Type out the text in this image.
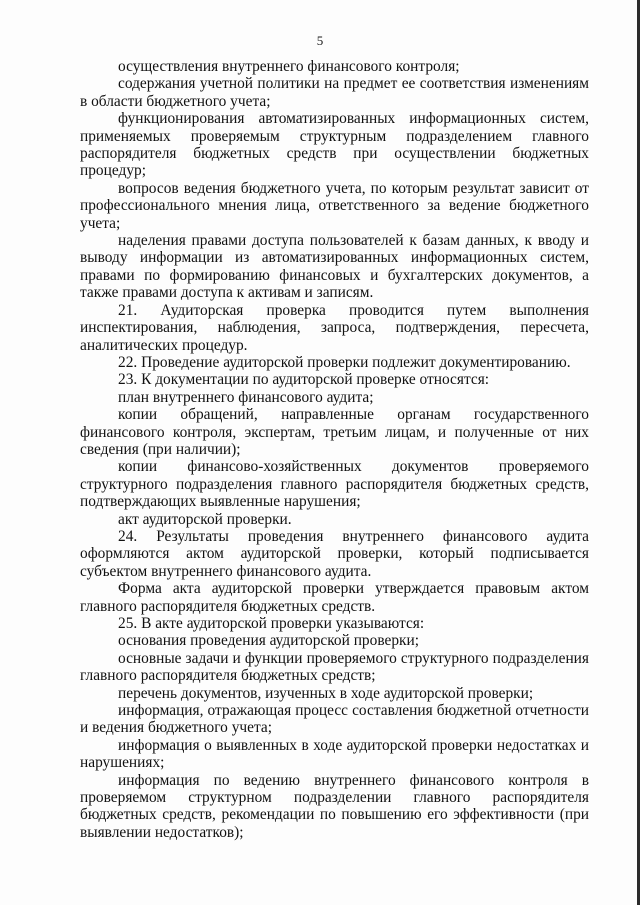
5

осуществления внутреннего финансового контроля;

содержания учетной политики на предмет ее соответствия изменениям в области бюджетного учета;

функционирования автоматизированных информационных систем, применяемых проверяемым структурным подразделением главного распорядителя бюджетных средств при осуществлении бюджетных процедур;

вопросов ведения бюджетного учета, по которым результат зависит от профессионального мнения лица, ответственного за ведение бюджетного учета;

наделения правами доступа пользователей к базам данных, к вводу и выводу информации из автоматизированных информационных систем, правами по формированию финансовых и бухгалтерских документов, а также правами доступа к активам и записям.

21. Аудиторская проверка проводится путем выполнения инспектирования, наблюдения, запроса, подтверждения, пересчета, аналитических процедур.

22. Проведение аудиторской проверки подлежит документированию.

23. К документации по аудиторской проверке относятся:

план внутреннего финансового аудита;

копии обращений, направленные органам государственного финансового контроля, экспертам, третьим лицам, и полученные от них сведения (при наличии);

копии финансово-хозяйственных документов проверяемого структурного подразделения главного распорядителя бюджетных средств, подтверждающих выявленные нарушения;

акт аудиторской проверки.

24. Результаты проведения внутреннего финансового аудита оформляются актом аудиторской проверки, который подписывается субъектом внутреннего финансового аудита.

Форма акта аудиторской проверки утверждается правовым актом главного распорядителя бюджетных средств.

25. В акте аудиторской проверки указываются:

основания проведения аудиторской проверки;

основные задачи и функции проверяемого структурного подразделения главного распорядителя бюджетных средств;

перечень документов, изученных в ходе аудиторской проверки;

информация, отражающая процесс составления бюджетной отчетности и ведения бюджетного учета;

информация о выявленных в ходе аудиторской проверки недостатках и нарушениях;

информация по ведению внутреннего финансового контроля в проверяемом структурном подразделении главного распорядителя бюджетных средств, рекомендации по повышению его эффективности (при выявлении недостатков);
